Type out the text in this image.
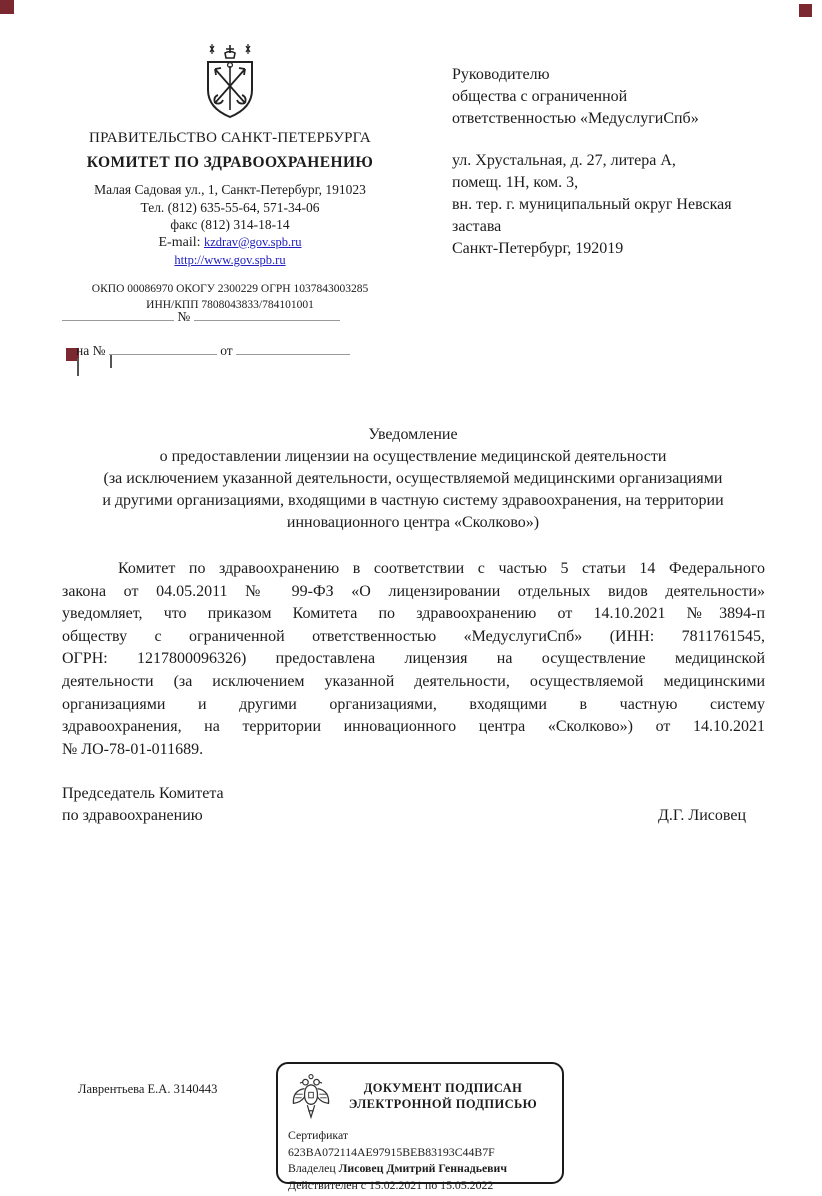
ПРАВИТЕЛЬСТВО САНКТ-ПЕТЕРБУРГА
КОМИТЕТ ПО ЗДРАВООХРАНЕНИЮ
Малая Садовая ул., 1, Санкт-Петербург, 191023
Тел. (812) 635-55-64, 571-34-06
факс (812) 314-18-14
E-mail: kzdrav@gov.spb.ru
http://www.gov.spb.ru
ОКПО 00086970 ОКОГУ 2300229 ОГРН 1037843003285
ИНН/КПП 7808043833/784101001
№
на №	от
Руководителю
общества с ограниченной
ответственностью «МедуслугиСпб»
ул. Хрустальная, д. 27, литера А,
помещ. 1Н, ком. 3,
вн. тер. г. муниципальный округ Невская
застава
Санкт-Петербург, 192019
Уведомление
о предоставлении лицензии на осуществление медицинской деятельности
(за исключением указанной деятельности, осуществляемой медицинскими организациями
и другими организациями, входящими в частную систему здравоохранения, на территории
инновационного центра «Сколково»)
Комитет по здравоохранению в соответствии с частью 5 статьи 14 Федерального
закона от 04.05.2011 № 99-ФЗ «О лицензировании отдельных видов деятельности»
уведомляет, что приказом Комитета по здравоохранению от 14.10.2021 №3894-п
обществу с ограниченной ответственностью «МедуслугиСпб» (ИНН: 7811761545,
ОГРН: 1217800096326) предоставлена лицензия на осуществление медицинской
деятельности (за исключением указанной деятельности, осуществляемой медицинскими
организациями и другими организациями, входящими в частную систему
здравоохранения, на территории инновационного центра «Сколково») от 14.10.2021
№ ЛО-78-01-011689.
Председатель Комитета
по здравоохранению	Д.Г. Лисовец
Лаврентьева Е.А. 3140443	ДОКУМЕНТ ПОДПИСАН
ЭЛЕКТРОННОЙ ПОДПИСЬЮ
Сертификат 623BA072114AE97915BEB83193C44B7F
Владелец Лисовец Дмитрий Геннадьевич
Действителен с 15.02.2021 по 15.05.2022
